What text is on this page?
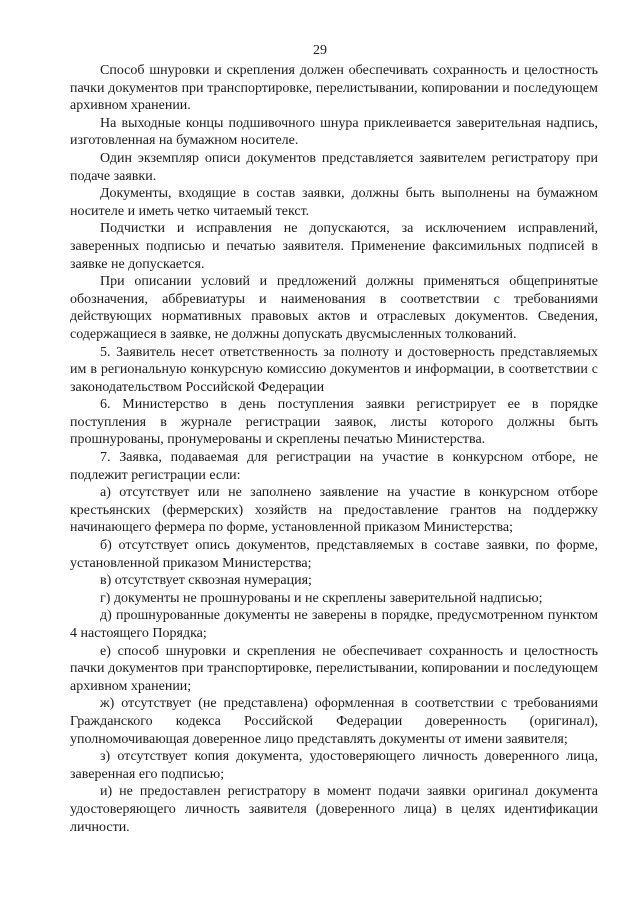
29

Способ шнуровки и скрепления должен обеспечивать сохранность и целостность пачки документов при транспортировке, перелистывании, копировании и последующем архивном хранении.

На выходные концы подшивочного шнура приклеивается заверительная надпись, изготовленная на бумажном носителе.

Один экземпляр описи документов представляется заявителем регистратору при подаче заявки.

Документы, входящие в состав заявки, должны быть выполнены на бумажном носителе и иметь четко читаемый текст.

Подчистки и исправления не допускаются, за исключением исправлений, заверенных подписью и печатью заявителя. Применение факсимильных подписей в заявке не допускается.

При описании условий и предложений должны применяться общепринятые обозначения, аббревиатуры и наименования в соответствии с требованиями действующих нормативных правовых актов и отраслевых документов. Сведения, содержащиеся в заявке, не должны допускать двусмысленных толкований.

5. Заявитель несет ответственность за полноту и достоверность представляемых им в региональную конкурсную комиссию документов и информации, в соответствии с законодательством Российской Федерации

6. Министерство в день поступления заявки регистрирует ее в порядке поступления в журнале регистрации заявок, листы которого должны быть прошнурованы, пронумерованы и скреплены печатью Министерства.

7. Заявка, подаваемая для регистрации на участие в конкурсном отборе, не подлежит регистрации если:

а) отсутствует или не заполнено заявление на участие в конкурсном отборе крестьянских (фермерских) хозяйств на предоставление грантов на поддержку начинающего фермера по форме, установленной приказом Министерства;

б) отсутствует опись документов, представляемых в составе заявки, по форме, установленной приказом Министерства;

в) отсутствует сквозная нумерация;

г) документы не прошнурованы и не скреплены заверительной надписью;

д) прошнурованные документы не заверены в порядке, предусмотренном пунктом 4 настоящего Порядка;

е) способ шнуровки и скрепления не обеспечивает сохранность и целостность пачки документов при транспортировке, перелистывании, копировании и последующем архивном хранении;

ж) отсутствует (не представлена) оформленная в соответствии с требованиями Гражданского кодекса Российской Федерации доверенность (оригинал), уполномочивающая доверенное лицо представлять документы от имени заявителя;

з) отсутствует копия документа, удостоверяющего личность доверенного лица, заверенная его подписью;

и) не предоставлен регистратору в момент подачи заявки оригинал документа удостоверяющего личность заявителя (доверенного лица) в целях идентификации личности.
